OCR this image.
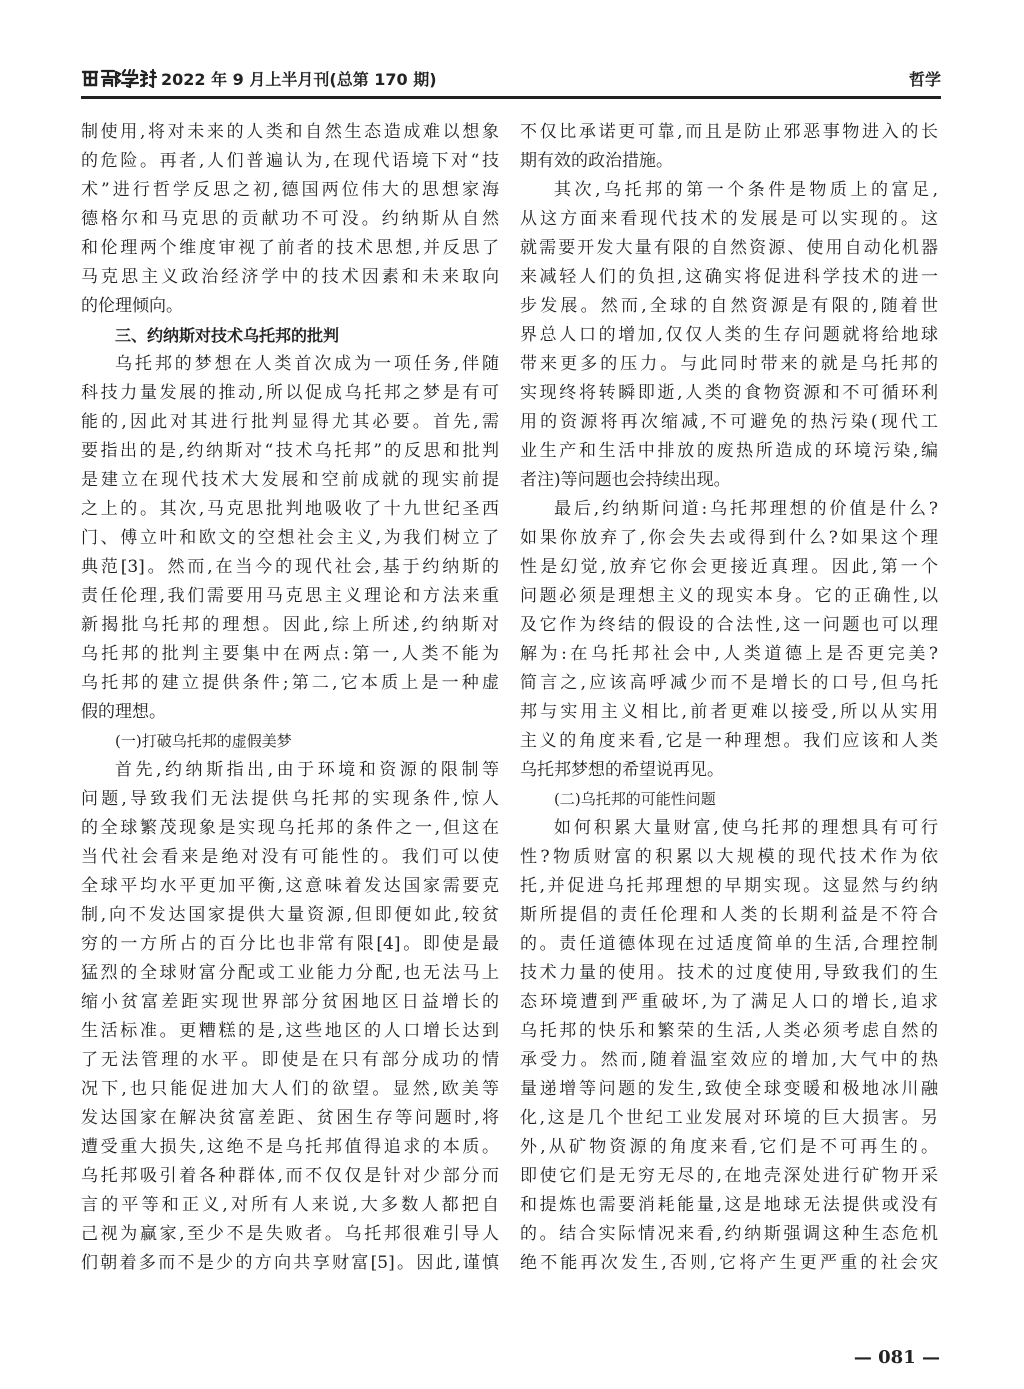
2022 年 9 月上半月刊(总第 170 期)	哲学
制使用,将对未来的人类和自然生态造成难以想象
的危险。再者,人们普遍认为,在现代语境下对“技
术”进行哲学反思之初,德国两位伟大的思想家海
德格尔和马克思的贡献功不可没。约纳斯从自然
和伦理两个维度审视了前者的技术思想,并反思了
马克思主义政治经济学中的技术因素和未来取向
的伦理倾向。
三、约纳斯对技术乌托邦的批判
乌托邦的梦想在人类首次成为一项任务,伴随
科技力量发展的推动,所以促成乌托邦之梦是有可
能的,因此对其进行批判显得尤其必要。首先,需
要指出的是,约纳斯对“技术乌托邦”的反思和批判
是建立在现代技术大发展和空前成就的现实前提
之上的。其次,马克思批判地吸收了十九世纪圣西
门、傅立叶和欧文的空想社会主义,为我们树立了
典范[3]。然而,在当今的现代社会,基于约纳斯的
责任伦理,我们需要用马克思主义理论和方法来重
新揭批乌托邦的理想。因此,综上所述,约纳斯对
乌托邦的批判主要集中在两点:第一,人类不能为
乌托邦的建立提供条件;第二,它本质上是一种虚
假的理想。
(一)打破乌托邦的虚假美梦
首先,约纳斯指出,由于环境和资源的限制等
问题,导致我们无法提供乌托邦的实现条件,惊人
的全球繁茂现象是实现乌托邦的条件之一,但这在
当代社会看来是绝对没有可能性的。我们可以使
全球平均水平更加平衡,这意味着发达国家需要克
制,向不发达国家提供大量资源,但即便如此,较贫
穷的一方所占的百分比也非常有限[4]。即使是最
猛烈的全球财富分配或工业能力分配,也无法马上
缩小贫富差距实现世界部分贫困地区日益增长的
生活标准。更糟糕的是,这些地区的人口增长达到
了无法管理的水平。即使是在只有部分成功的情
况下,也只能促进加大人们的欲望。显然,欧美等
发达国家在解决贫富差距、贫困生存等问题时,将
遭受重大损失,这绝不是乌托邦值得追求的本质。
乌托邦吸引着各种群体,而不仅仅是针对少部分而
言的平等和正义,对所有人来说,大多数人都把自
己视为赢家,至少不是失败者。乌托邦很难引导人
们朝着多而不是少的方向共享财富[5]。因此,谨慎
不仅比承诺更可靠,而且是防止邪恶事物进入的长
期有效的政治措施。
其次,乌托邦的第一个条件是物质上的富足,
从这方面来看现代技术的发展是可以实现的。这
就需要开发大量有限的自然资源、使用自动化机器
来减轻人们的负担,这确实将促进科学技术的进一
步发展。然而,全球的自然资源是有限的,随着世
界总人口的增加,仅仅人类的生存问题就将给地球
带来更多的压力。与此同时带来的就是乌托邦的
实现终将转瞬即逝,人类的食物资源和不可循环利
用的资源将再次缩减,不可避免的热污染(现代工
业生产和生活中排放的废热所造成的环境污染,编
者注)等问题也会持续出现。
最后,约纳斯问道:乌托邦理想的价值是什么?
如果你放弃了,你会失去或得到什么?如果这个理
性是幻觉,放弃它你会更接近真理。因此,第一个
问题必须是理想主义的现实本身。它的正确性,以
及它作为终结的假设的合法性,这一问题也可以理
解为:在乌托邦社会中,人类道德上是否更完美?
简言之,应该高呼减少而不是增长的口号,但乌托
邦与实用主义相比,前者更难以接受,所以从实用
主义的角度来看,它是一种理想。我们应该和人类
乌托邦梦想的希望说再见。
(二)乌托邦的可能性问题
如何积累大量财富,使乌托邦的理想具有可行
性?物质财富的积累以大规模的现代技术作为依
托,并促进乌托邦理想的早期实现。这显然与约纳
斯所提倡的责任伦理和人类的长期利益是不符合
的。责任道德体现在过适度简单的生活,合理控制
技术力量的使用。技术的过度使用,导致我们的生
态环境遭到严重破坏,为了满足人口的增长,追求
乌托邦的快乐和繁荣的生活,人类必须考虑自然的
承受力。然而,随着温室效应的增加,大气中的热
量递增等问题的发生,致使全球变暖和极地冰川融
化,这是几个世纪工业发展对环境的巨大损害。另
外,从矿物资源的角度来看,它们是不可再生的。
即使它们是无穷无尽的,在地壳深处进行矿物开采
和提炼也需要消耗能量,这是地球无法提供或没有
的。结合实际情况来看,约纳斯强调这种生态危机
绝不能再次发生,否则,它将产生更严重的社会灾
— 081 —
